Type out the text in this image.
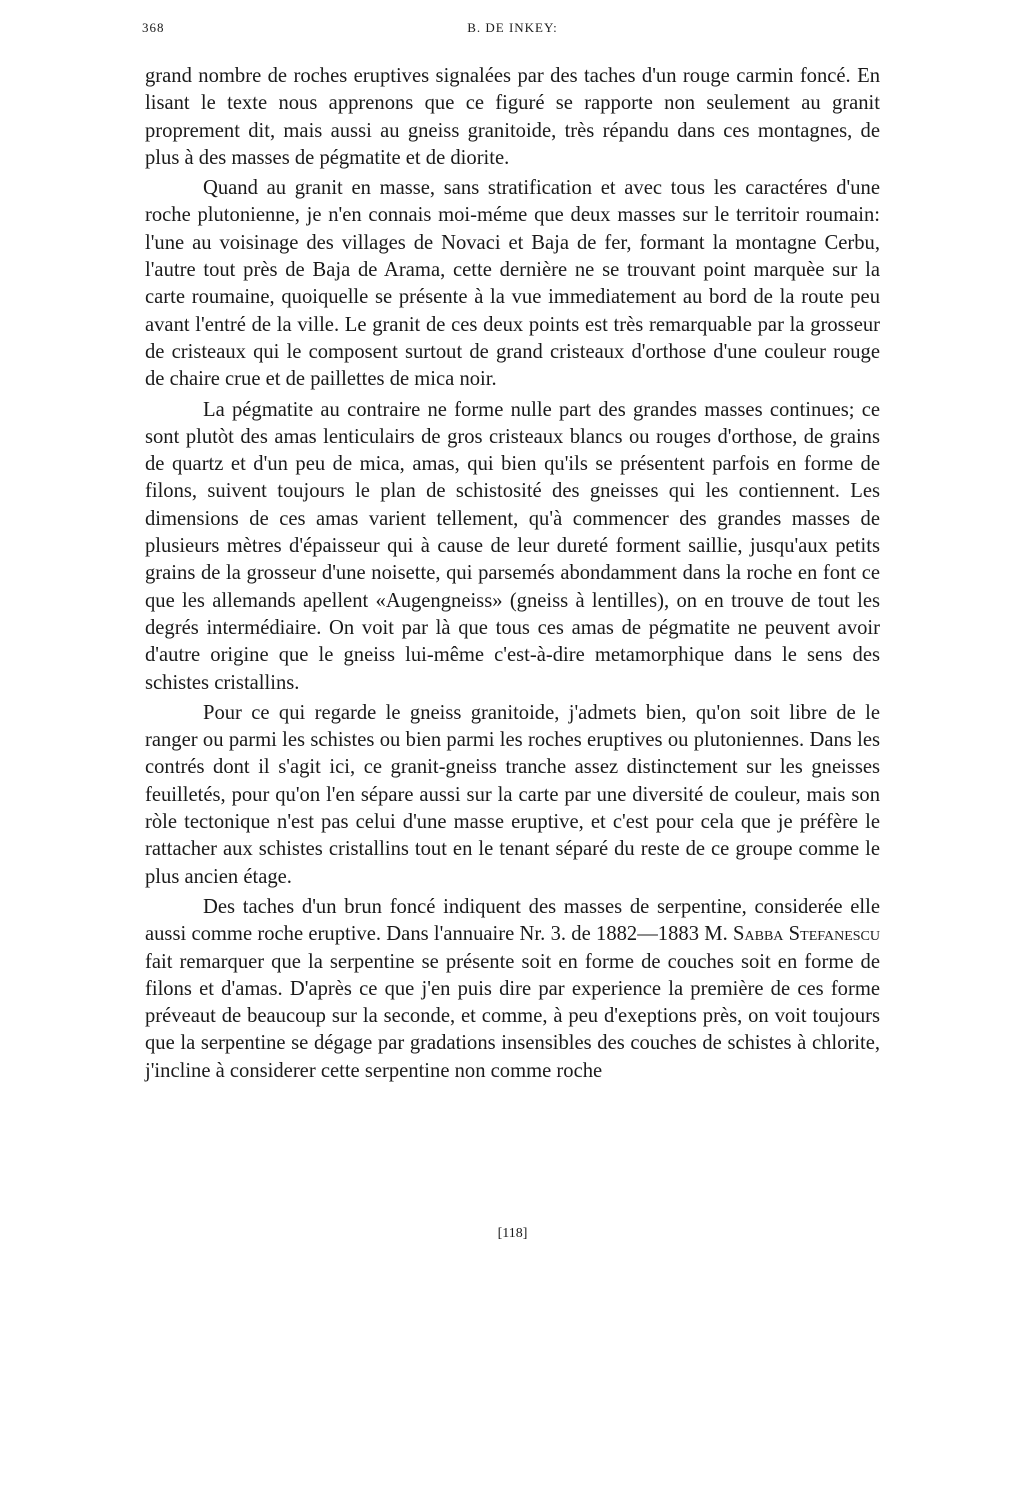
368	B. DE INKEY:

grand nombre de roches eruptives signalées par des taches d'un rouge carmin foncé. En lisant le texte nous apprenons que ce figuré se rapporte non seulement au granit proprement dit, mais aussi au gneiss granitoide, très répandu dans ces montagnes, de plus à des masses de pégmatite et de diorite.

Quand au granit en masse, sans stratification et avec tous les caractéres d'une roche plutonienne, je n'en connais moi-méme que deux masses sur le territoir roumain: l'une au voisinage des villages de Novaci et Baja de fer, formant la montagne Cerbu, l'autre tout près de Baja de Arama, cette dernière ne se trouvant point marquèe sur la carte roumaine, quoiquelle se présente à la vue immediatement au bord de la route peu avant l'entré de la ville. Le granit de ces deux points est très remarquable par la grosseur de cristeaux qui le composent surtout de grand cristeaux d'orthose d'une couleur rouge de chaire crue et de paillettes de mica noir.

La pégmatite au contraire ne forme nulle part des grandes masses continues; ce sont plutòt des amas lenticulairs de gros cristeaux blancs ou rouges d'orthose, de grains de quartz et d'un peu de mica, amas, qui bien qu'ils se présentent parfois en forme de filons, suivent toujours le plan de schistosité des gneisses qui les contiennent. Les dimensions de ces amas varient tellement, qu'à commencer des grandes masses de plusieurs mètres d'épaisseur qui à cause de leur dureté forment saillie, jusqu'aux petits grains de la grosseur d'une noisette, qui parsemés abondamment dans la roche en font ce que les allemands apellent «Augengneiss» (gneiss à lentilles), on en trouve de tout les degrés intermédiaire. On voit par là que tous ces amas de pégmatite ne peuvent avoir d'autre origine que le gneiss lui-même c'est-à-dire metamorphique dans le sens des schistes cristallins.

Pour ce qui regarde le gneiss granitoide, j'admets bien, qu'on soit libre de le ranger ou parmi les schistes ou bien parmi les roches eruptives ou plutoniennes. Dans les contrés dont il s'agit ici, ce granit-gneiss tranche assez distinctement sur les gneisses feuilletés, pour qu'on l'en sépare aussi sur la carte par une diversité de couleur, mais son ròle tectonique n'est pas celui d'une masse eruptive, et c'est pour cela que je préfère le rattacher aux schistes cristallins tout en le tenant séparé du reste de ce groupe comme le plus ancien étage.

Des taches d'un brun foncé indiquent des masses de serpentine, considerée elle aussi comme roche eruptive. Dans l'annuaire Nr. 3. de 1882—1883 M. Sabba Stefanescu fait remarquer que la serpentine se présente soit en forme de couches soit en forme de filons et d'amas. D'après ce que j'en puis dire par experience la première de ces forme préveaut de beaucoup sur la seconde, et comme, à peu d'exeptions près, on voit toujours que la serpentine se dégage par gradations insensibles des couches de schistes à chlorite, j'incline à considerer cette serpentine non comme roche

[118]
